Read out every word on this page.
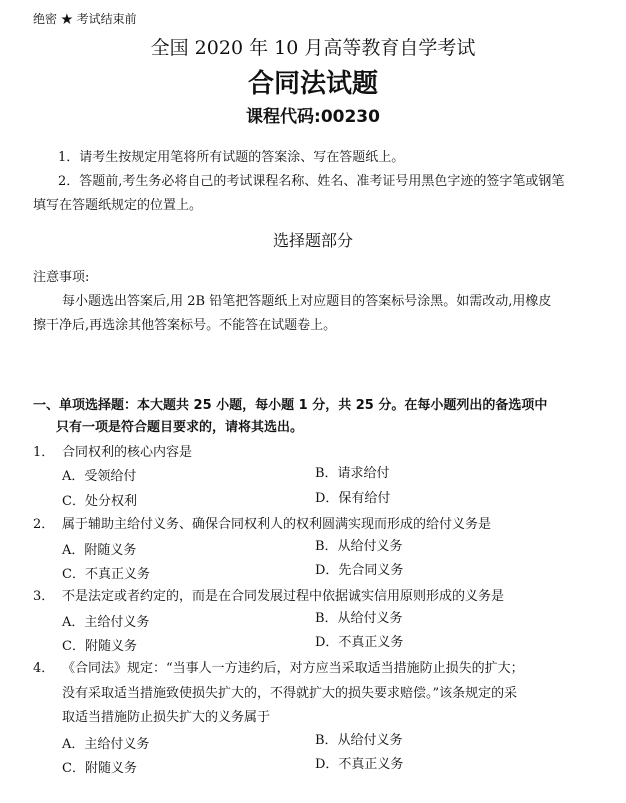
绝密 ★ 考试结束前
全国 2020 年 10 月高等教育自学考试
合同法试题
课程代码:00230
1．请考生按规定用笔将所有试题的答案涂、写在答题纸上。
2．答题前,考生务必将自己的考试课程名称、姓名、准考证号用黑色字迹的签字笔或钢笔
填写在答题纸规定的位置上。
选择题部分
注意事项:
每小题选出答案后,用 2B 铅笔把答题纸上对应题目的答案标号涂黑。如需改动,用橡皮
擦干净后,再选涂其他答案标号。不能答在试题卷上。
一、单项选择题：本大题共 25 小题，每小题 1 分，共 25 分。在每小题列出的备选项中
只有一项是符合题目要求的，请将其选出。
1． 合同权利的核心内容是
A．受领给付	B．请求给付
C．处分权利	D．保有给付
2． 属于辅助主给付义务、确保合同权利人的权利圆满实现而形成的给付义务是
A．附随义务	B．从给付义务
C．不真正义务	D．先合同义务
3． 不是法定或者约定的，而是在合同发展过程中依据诚实信用原则形成的义务是
A．主给付义务	B．从给付义务
C．附随义务	D．不真正义务
4． 《合同法》规定：“当事人一方违约后，对方应当采取适当措施防止损失的扩大；
没有采取适当措施致使损失扩大的，不得就扩大的损失要求赔偿。”该条规定的采
取适当措施防止损失扩大的义务属于
A．主给付义务	B．从给付义务
C．附随义务	D．不真正义务
